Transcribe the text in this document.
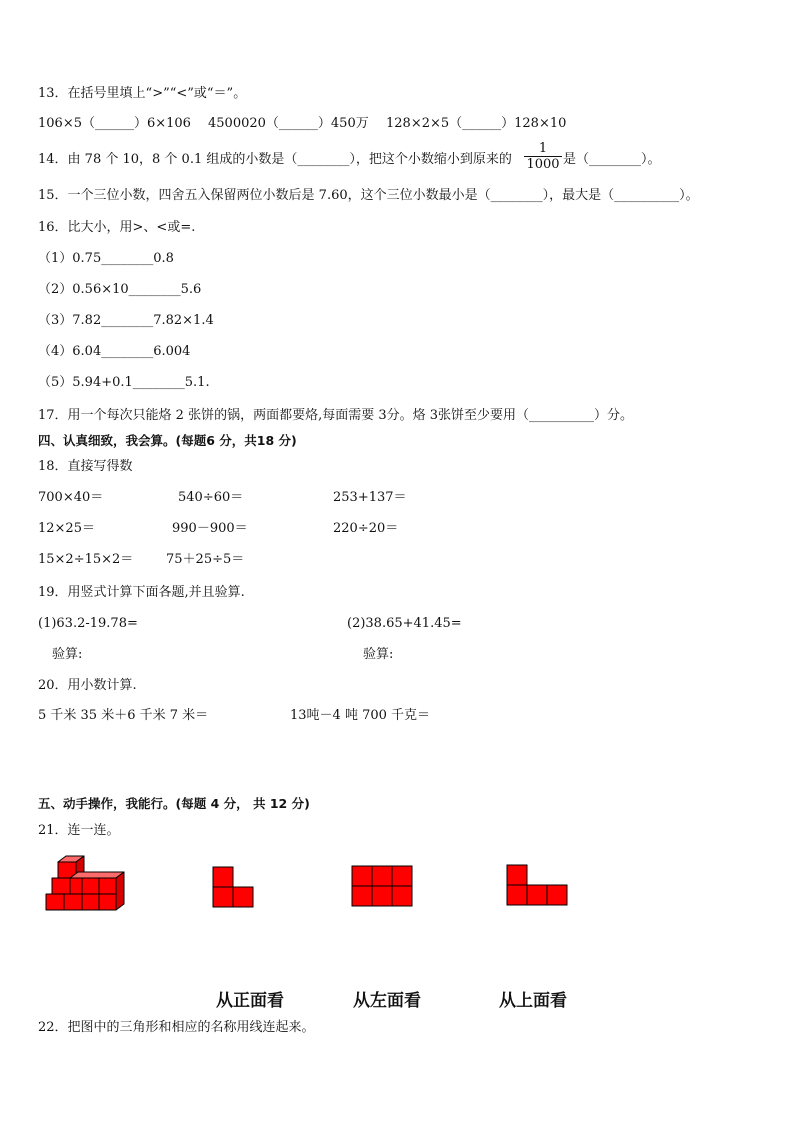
13．在括号里填上“>”“<”或“＝”。
106×5（______）6×106 4500020（______）450万 128×2×5（______）128×10
14．由 78 个 10，8 个 0.1 组成的小数是（________），把这个小数缩小到原来的 $\frac{1}{1000}$ 是（________）。
15．一个三位小数，四舍五入保留两位小数后是 7.60，这个三位小数最小是（________），最大是（__________）。
16．比大小，用>、<或=.
（1）0.75________0.8
（2）0.56×10________5.6
（3）7.82________7.82×1.4
（4）6.04________6.004
（5）5.94+0.1________5.1.
17．用一个每次只能烙 2 张饼的锅，两面都要烙,每面需要 3分。烙 3张饼至少要用（__________）分。
四、认真细致，我会算。(每题6 分，共18 分)
18．直接写得数
700×40＝	540÷60＝	253+137＝
12×25＝	990－900＝	220÷20＝
15×2÷15×2＝	75＋25÷5＝
19．用竖式计算下面各题,并且验算.
(1)63.2-19.78=	(2)38.65+41.45=
验算:	验算:
20．用小数计算.
5 千米 35 米＋6 千米 7 米＝	13吨－4 吨 700 千克＝
五、动手操作，我能行。(每题 4 分， 共 12 分)
21．连一连。
从正面看	从左面看	从上面看
22．把图中的三角形和相应的名称用线连起来。
